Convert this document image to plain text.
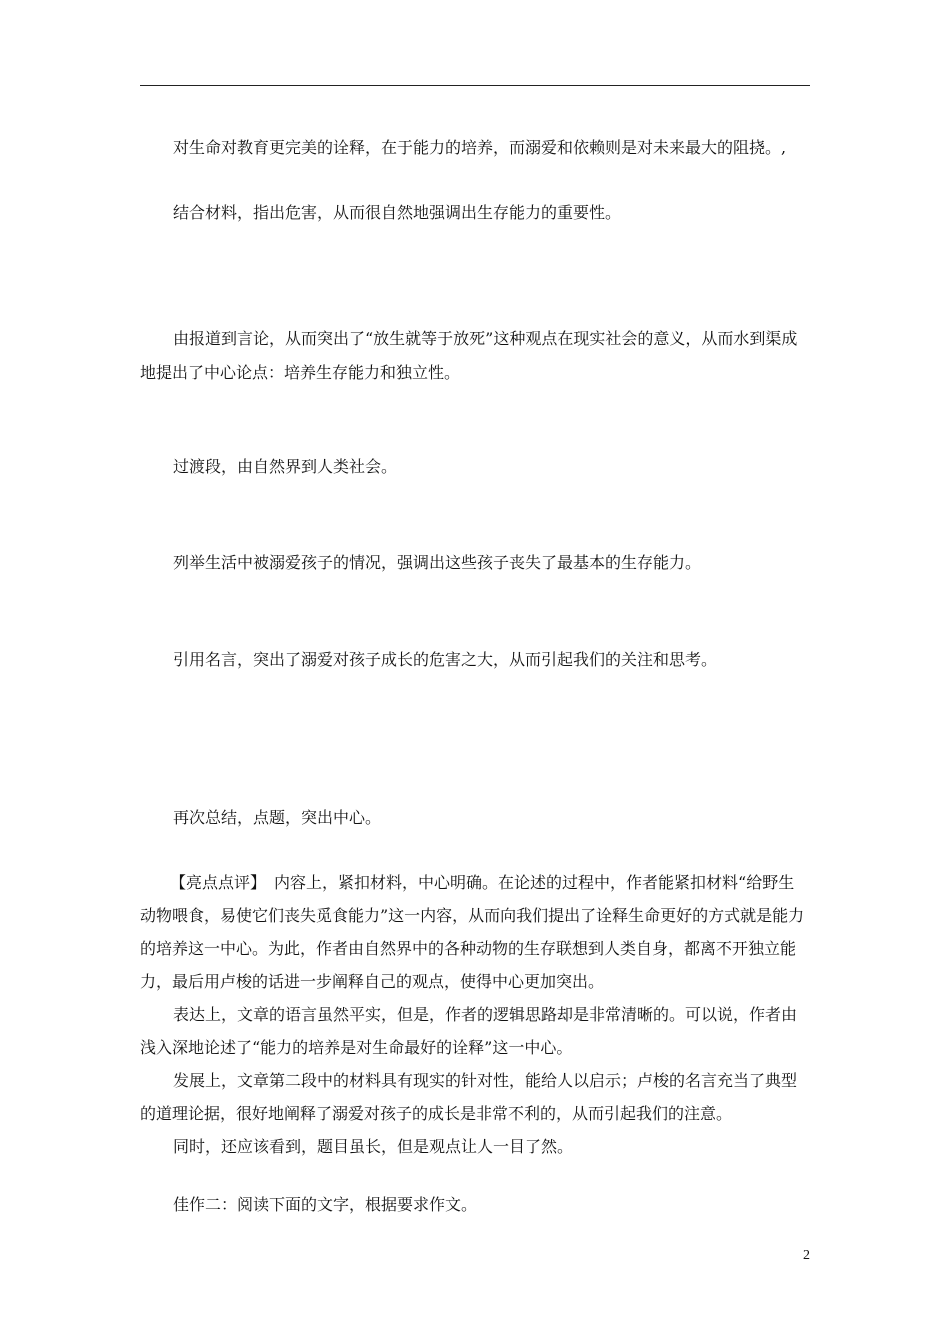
对生命对教育更完美的诠释，在于能力的培养，而溺爱和依赖则是对未来最大的阻挠。,

结合材料，指出危害，从而很自然地强调出生存能力的重要性。

由报道到言论，从而突出了“放生就等于放死”这种观点在现实社会的意义，从而水到渠成地提出了中心论点：培养生存能力和独立性。

过渡段，由自然界到人类社会。

列举生活中被溺爱孩子的情况，强调出这些孩子丧失了最基本的生存能力。

引用名言，突出了溺爱对孩子成长的危害之大，从而引起我们的关注和思考。

再次总结，点题，突出中心。

【亮点点评】 内容上，紧扣材料，中心明确。在论述的过程中，作者能紧扣材料“给野生动物喂食，易使它们丧失觅食能力”这一内容，从而向我们提出了诠释生命更好的方式就是能力的培养这一中心。为此，作者由自然界中的各种动物的生存联想到人类自身，都离不开独立能力，最后用卢梭的话进一步阐释自己的观点，使得中心更加突出。

表达上，文章的语言虽然平实，但是，作者的逻辑思路却是非常清晰的。可以说，作者由浅入深地论述了“能力的培养是对生命最好的诠释”这一中心。

发展上，文章第二段中的材料具有现实的针对性，能给人以启示；卢梭的名言充当了典型的道理论据，很好地阐释了溺爱对孩子的成长是非常不利的，从而引起我们的注意。

同时，还应该看到，题目虽长，但是观点让人一目了然。

佳作二：阅读下面的文字，根据要求作文。

2
